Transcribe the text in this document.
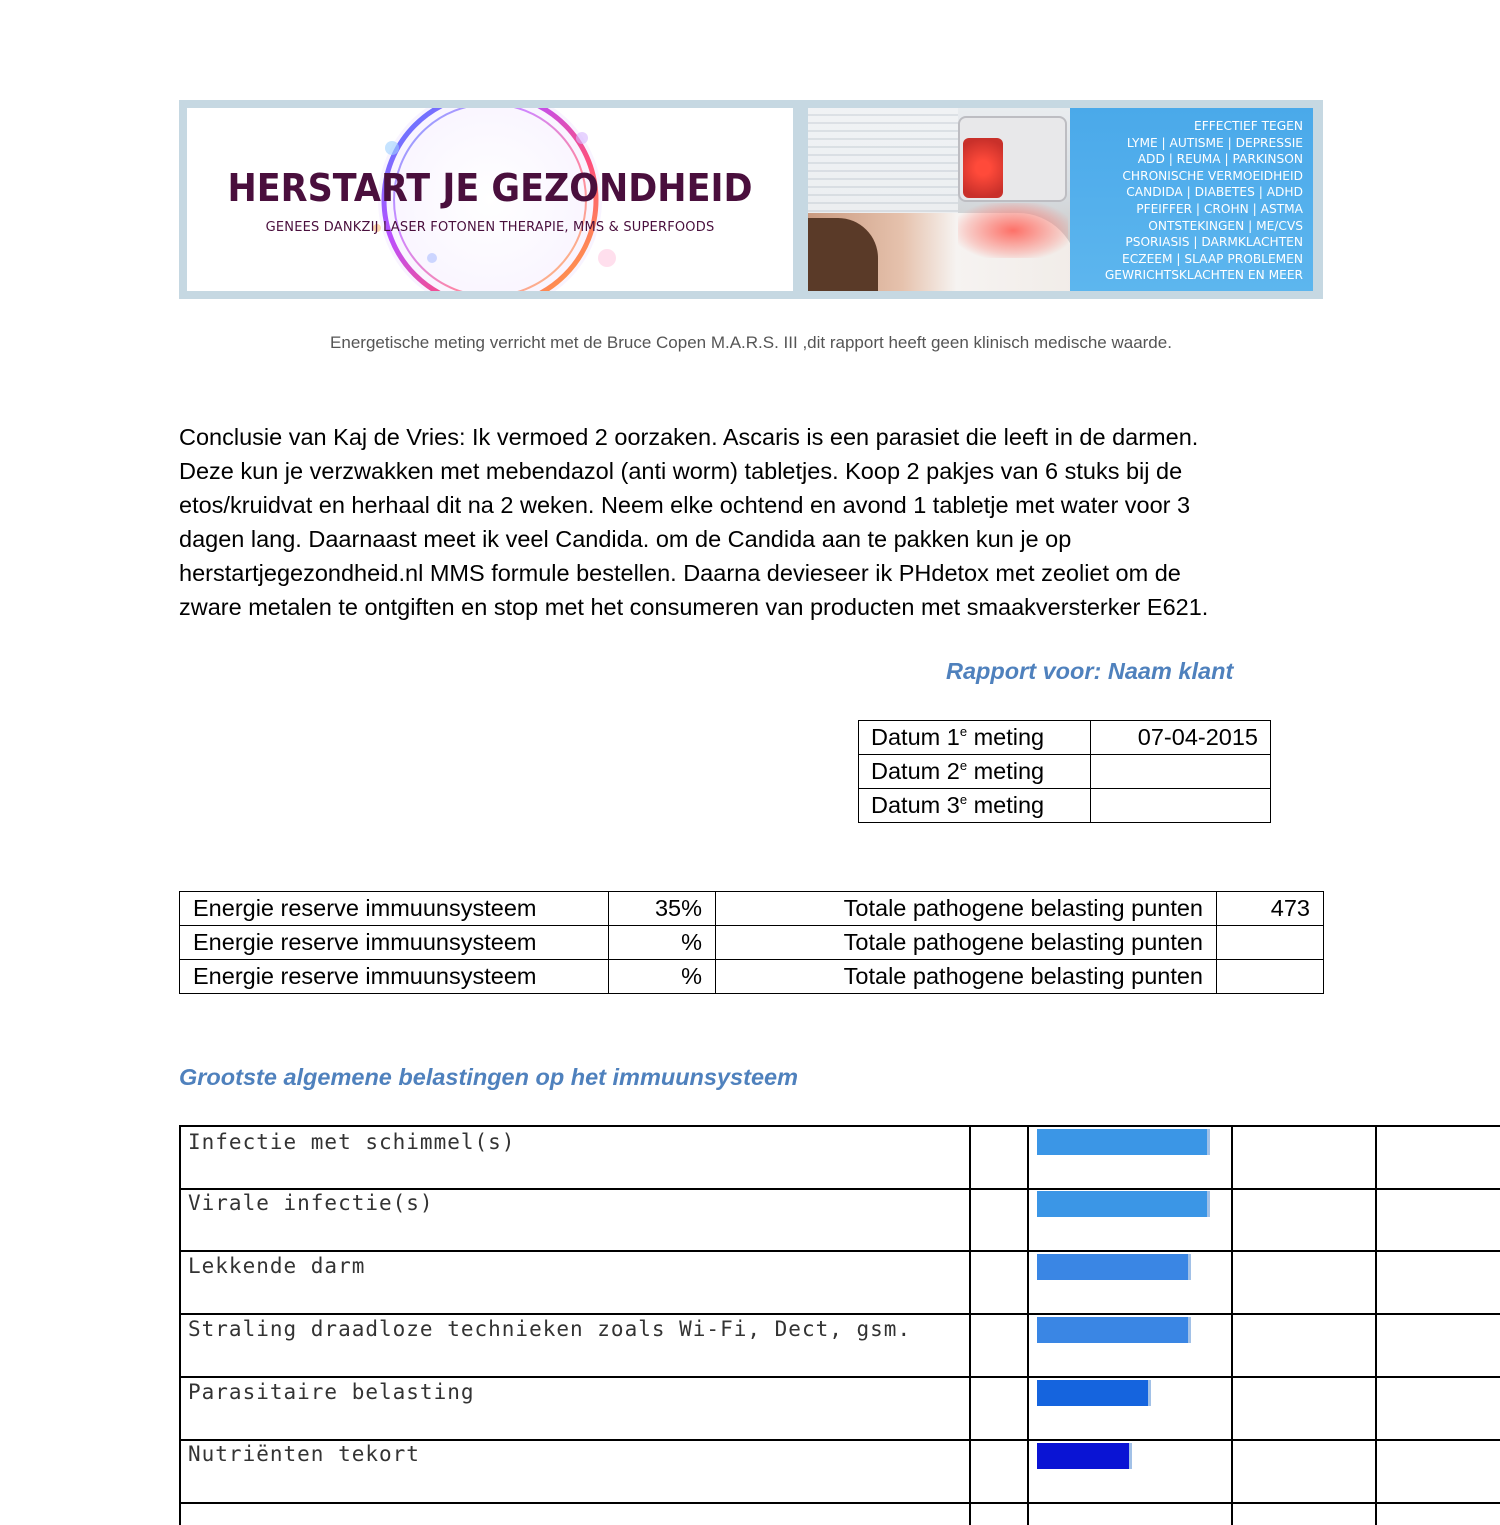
HERSTART JE GEZONDHEID
GENEES DANKZIJ LASER FOTONEN THERAPIE, MMS & SUPERFOODS
EFFECTIEF TEGEN
LYME | AUTISME | DEPRESSIE
ADD | REUMA | PARKINSON
CHRONISCHE VERMOEIDHEID
CANDIDA | DIABETES | ADHD
PFEIFFER | CROHN | ASTMA
ONTSTEKINGEN | ME/CVS
PSORIASIS | DARMKLACHTEN
ECZEEM | SLAAP PROBLEMEN
GEWRICHTSKLACHTEN EN MEER
Energetische meting verricht met de Bruce Copen M.A.R.S. III ,dit rapport heeft geen klinisch medische waarde.
Conclusie van Kaj de Vries: Ik vermoed 2 oorzaken. Ascaris is een parasiet die leeft in de darmen.
Deze kun je verzwakken met mebendazol (anti worm) tabletjes. Koop 2 pakjes van 6 stuks bij de
etos/kruidvat en herhaal dit na 2 weken. Neem elke ochtend en avond 1 tabletje met water voor 3
dagen lang. Daarnaast meet ik veel Candida. om de Candida aan te pakken kun je op
herstartjegezondheid.nl MMS formule bestellen. Daarna devieseer ik PHdetox met zeoliet om de
zware metalen te ontgiften en stop met het consumeren van producten met smaakversterker E621.
Rapport voor: Naam klant
Datum 1e meting	07-04-2015
Datum 2e meting	
Datum 3e meting	
Energie reserve immuunsysteem	35%	Totale pathogene belasting punten	473
Energie reserve immuunsysteem	%	Totale pathogene belasting punten	
Energie reserve immuunsysteem	%	Totale pathogene belasting punten	
Grootste algemene belastingen op het immuunsysteem
Infectie met schimmel(s)
Virale infectie(s)
Lekkende darm
Straling draadloze technieken zoals Wi-Fi, Dect, gsm.
Parasitaire belasting
Nutriënten tekort
